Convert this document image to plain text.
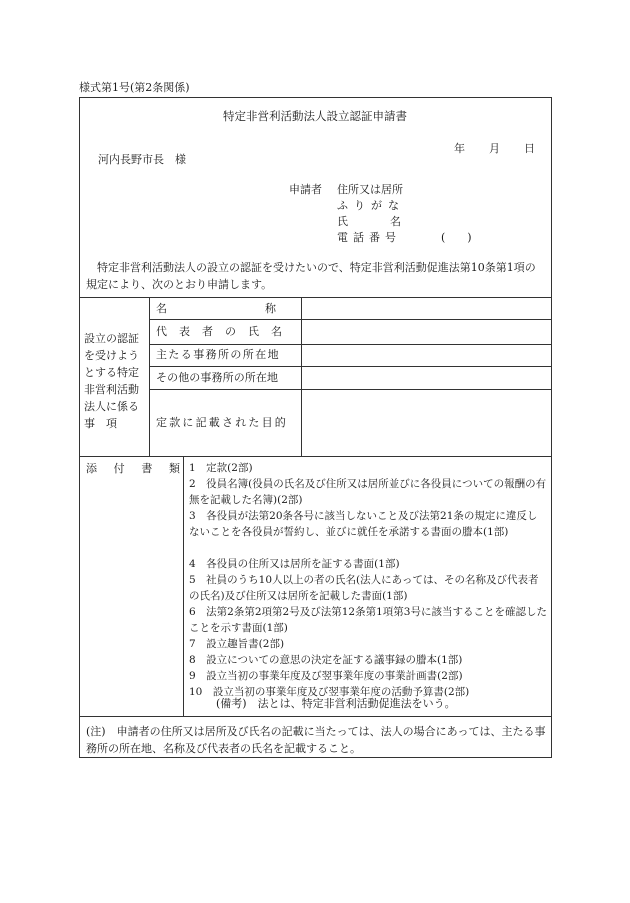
様式第1号(第2条関係)
特定非営利活動法人設立認証申請書
年 月 日
河内長野市長　様
申請者 住所又は居所
ふりがな
氏名
電話番号	(　　)
特定非営利活動法人の設立の認証を受けたいので、特定非営利活動促進法第10条第1項の規定により、次のとおり申請します。
設立の認証を受けようとする特定非営利活動法人に係る事　項
名称
代表者の氏名
主たる事務所の所在地
その他の事務所の所在地
定款に記載された目的
添 付 書 類 1　定款(2部)
2　役員名簿(役員の氏名及び住所又は居所並びに各役員についての報酬の有無を記載した名簿)(2部)
3　各役員が法第20条各号に該当しないこと及び法第21条の規定に違反しないことを各役員が誓約し、並びに就任を承諾する書面の謄本(1部)
4　各役員の住所又は居所を証する書面(1部)
5　社員のうち10人以上の者の氏名(法人にあっては、その名称及び代表者の氏名)及び住所又は居所を記載した書面(1部)
6　法第2条第2項第2号及び法第12条第1項第3号に該当することを確認したことを示す書面(1部)
7　設立趣旨書(2部)
8　設立についての意思の決定を証する議事録の謄本(1部)
9　設立当初の事業年度及び翌事業年度の事業計画書(2部)
10　設立当初の事業年度及び翌事業年度の活動予算書(2部)
(備考)　法とは、特定非営利活動促進法をいう。
(注)　申請者の住所又は居所及び氏名の記載に当たっては、法人の場合にあっては、主たる事務所の所在地、名称及び代表者の氏名を記載すること。
